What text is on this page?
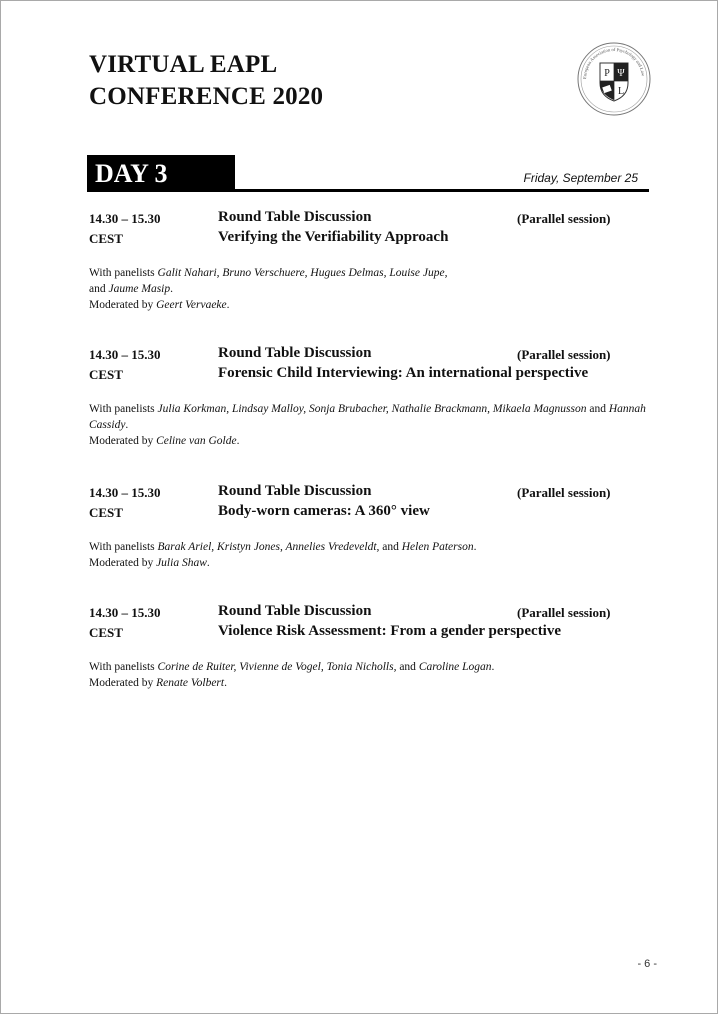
VIRTUAL EAPL
CONFERENCE 2020
European Association of Psychology and Law
P Ψ
L
DAY 3	Friday, September 25
14.30 – 15.30	Round Table Discussion	(Parallel session)
CEST	Verifying the Verifiability Approach
With panelists Galit Nahari, Bruno Verschuere, Hugues Delmas, Louise Jupe,
and Jaume Masip.
Moderated by Geert Vervaeke.
14.30 – 15.30	Round Table Discussion	(Parallel session)
CEST	Forensic Child Interviewing: An international perspective
With panelists Julia Korkman, Lindsay Malloy, Sonja Brubacher, Nathalie Brackmann, Mikaela Magnusson and Hannah Cassidy.
Moderated by Celine van Golde.
14.30 – 15.30	Round Table Discussion	(Parallel session)
CEST	Body-worn cameras: A 360° view
With panelists Barak Ariel, Kristyn Jones, Annelies Vredeveldt, and Helen Paterson.
Moderated by Julia Shaw.
14.30 – 15.30	Round Table Discussion	(Parallel session)
CEST	Violence Risk Assessment: From a gender perspective
With panelists Corine de Ruiter, Vivienne de Vogel, Tonia Nicholls, and Caroline Logan.
Moderated by Renate Volbert.
- 6 -
